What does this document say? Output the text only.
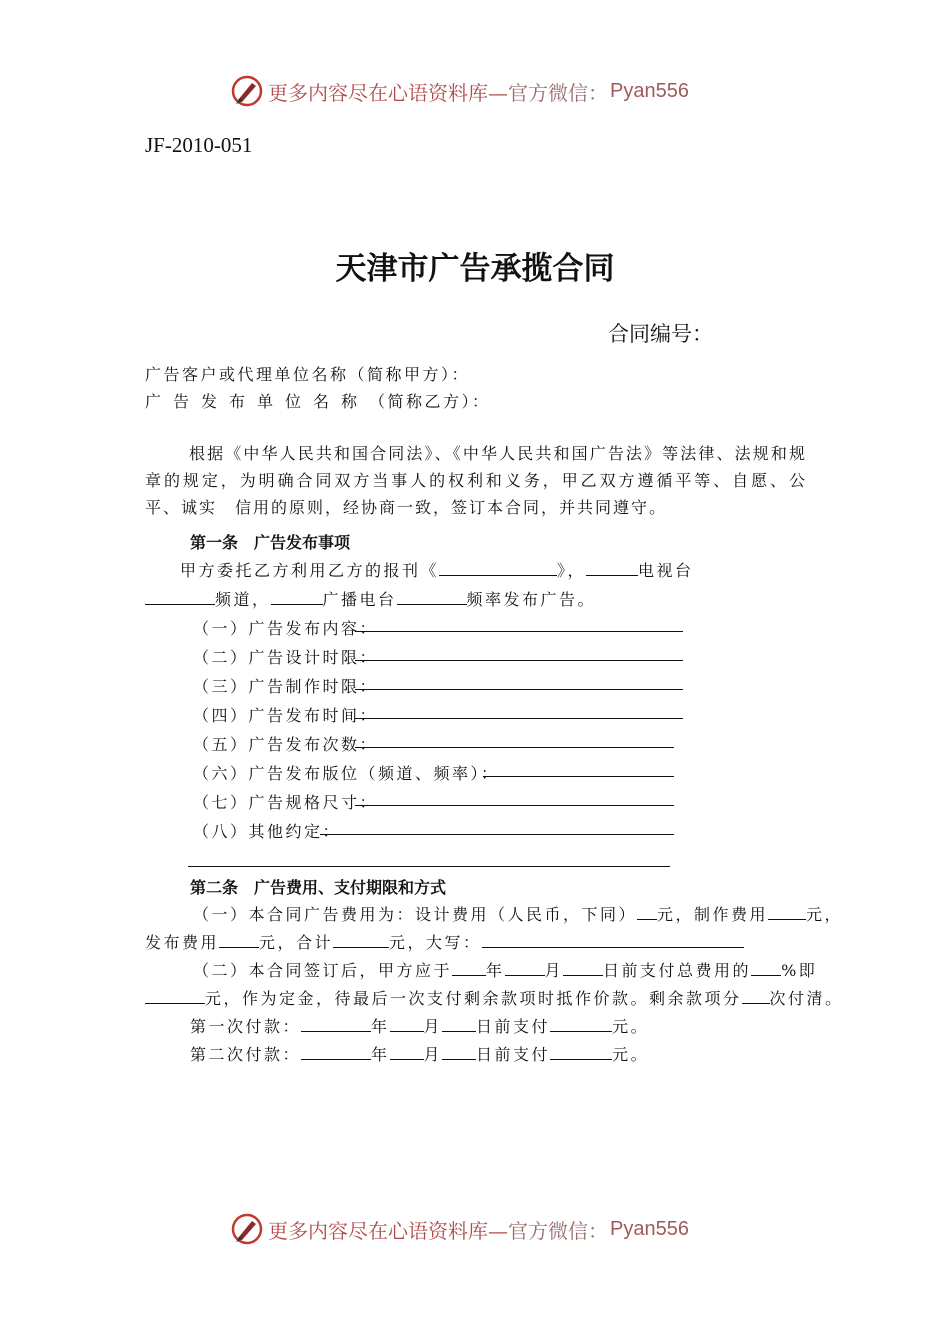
更多内容尽在心语资料库— 官方微信： Pyan556
JF-2010-051
天津市广告承揽合同
合同编号：
广告客户或代理单位名称（简称甲方）：
广告发布单位名称（简称乙方）：
根据《中华人民共和国合同法》、《中华人民共和国广告法》等法律、法规和规章的规定，为明确合同双方当事人的权利和义务，甲乙双方遵循平等、自愿、公平、诚实　信用的原则，经协商一致，签订本合同，并共同遵守。
第一条　广告发布事项
甲方委托乙方利用乙方的报刊《	》，	电视台
频道，	广播电台	频率发布广告。
（一）广告发布内容：
（二）广告设计时限：
（三）广告制作时限：
（四）广告发布时间：
（五）广告发布次数：
（六）广告发布版位（频道、频率）：
（七）广告规格尺寸：
（八）其他约定：
第二条　广告费用、支付期限和方式
（一）本合同广告费用为：设计费用（人民币，下同） 元，制作费用 元，
发布费用	元，合计	元，大写：
（二）本合同签订后，甲方应于 年	月	日前支付总费用的 %即
元，作为定金，待最后一次支付剩余款项时抵作价款。剩余款项分 次付清。
第一次付款：	年 月 日前支付	元。
第二次付款：	年 月 日前支付	元。
更多内容尽在心语资料库— 官方微信： Pyan556
